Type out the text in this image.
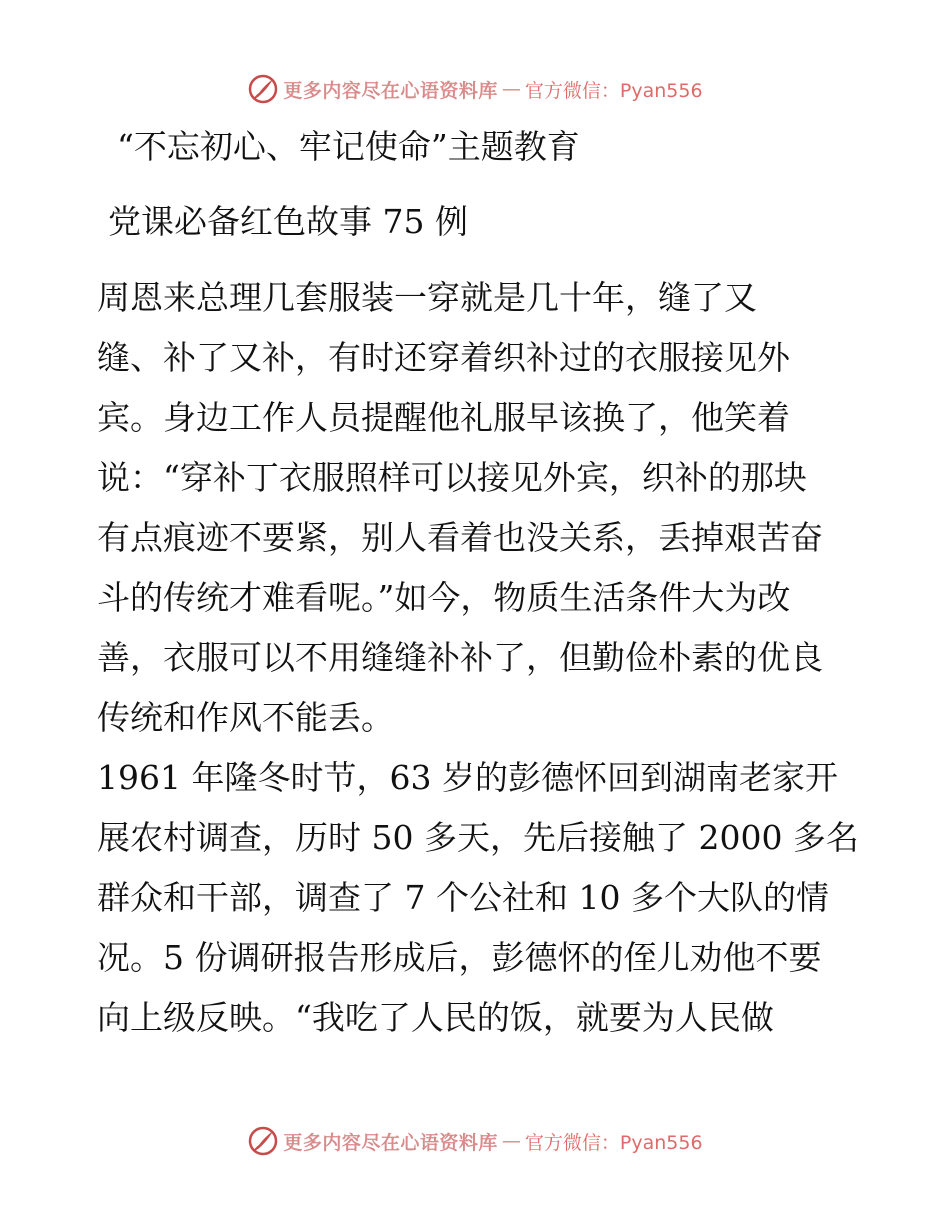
更多内容尽在心语资料库 — 官方微信：Pyan556
“不忘初心、牢记使命”主题教育
党课必备红色故事 75 例
周恩来总理几套服装一穿就是几十年，缝了又
缝、补了又补，有时还穿着织补过的衣服接见外
宾。身边工作人员提醒他礼服早该换了，他笑着
说：“穿补丁衣服照样可以接见外宾，织补的那块
有点痕迹不要紧，别人看着也没关系，丢掉艰苦奋
斗的传统才难看呢。”如今，物质生活条件大为改
善，衣服可以不用缝缝补补了，但勤俭朴素的优良
传统和作风不能丢。
1961 年隆冬时节，63 岁的彭德怀回到湖南老家开
展农村调查，历时 50 多天，先后接触了 2000 多名
群众和干部，调查了 7 个公社和 10 多个大队的情
况。5 份调研报告形成后，彭德怀的侄儿劝他不要
向上级反映。“我吃了人民的饭，就要为人民做
更多内容尽在心语资料库 — 官方微信：Pyan556
